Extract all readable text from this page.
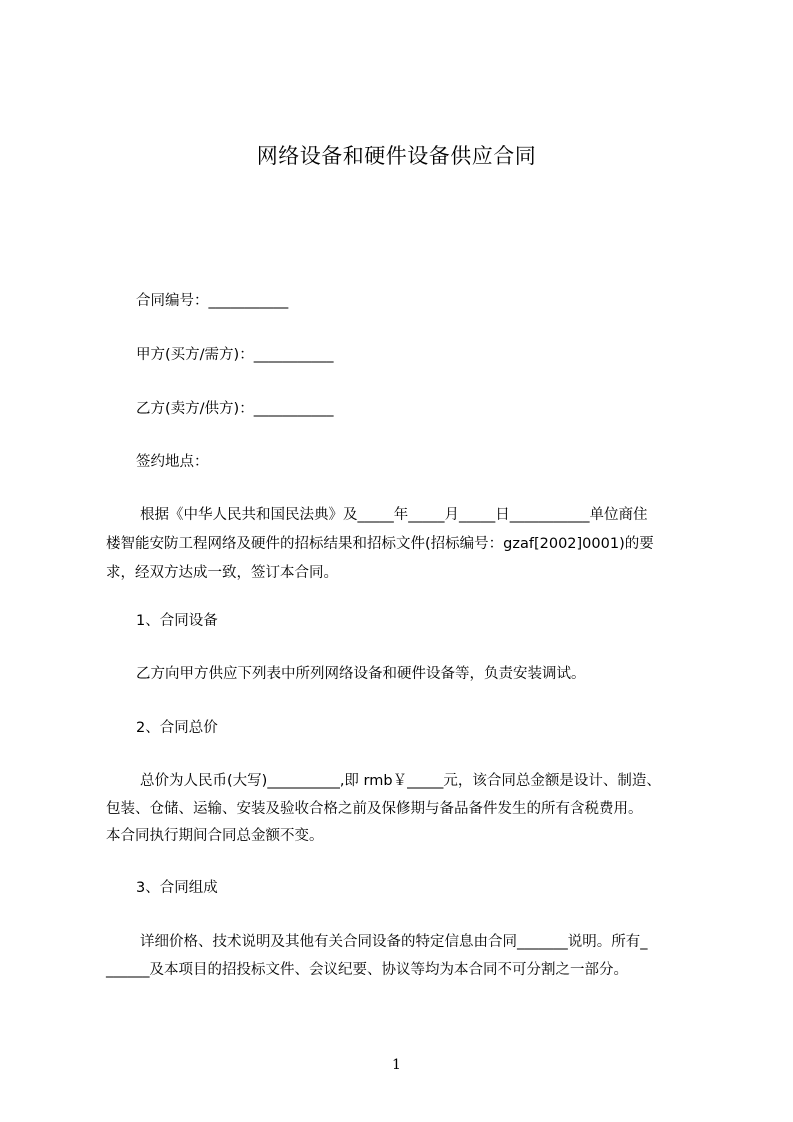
网络设备和硬件设备供应合同
合同编号：___________
甲方(买方/需方)：___________
乙方(卖方/供方)：___________
签约地点：
根据《中华人民共和国民法典》及_____年_____月_____日___________单位商住
楼智能安防工程网络及硬件的招标结果和招标文件(招标编号：gzaf[2002]0001)的要
求，经双方达成一致，签订本合同。
1、合同设备
乙方向甲方供应下列表中所列网络设备和硬件设备等，负责安装调试。
2、合同总价
总价为人民币(大写)__________,即 rmb￥_____元，该合同总金额是设计、制造、
包装、仓储、运输、安装及验收合格之前及保修期与备品备件发生的所有含税费用。
本合同执行期间合同总金额不变。
3、合同组成
详细价格、技术说明及其他有关合同设备的特定信息由合同_______说明。所有_
______及本项目的招投标文件、会议纪要、协议等均为本合同不可分割之一部分。
1
